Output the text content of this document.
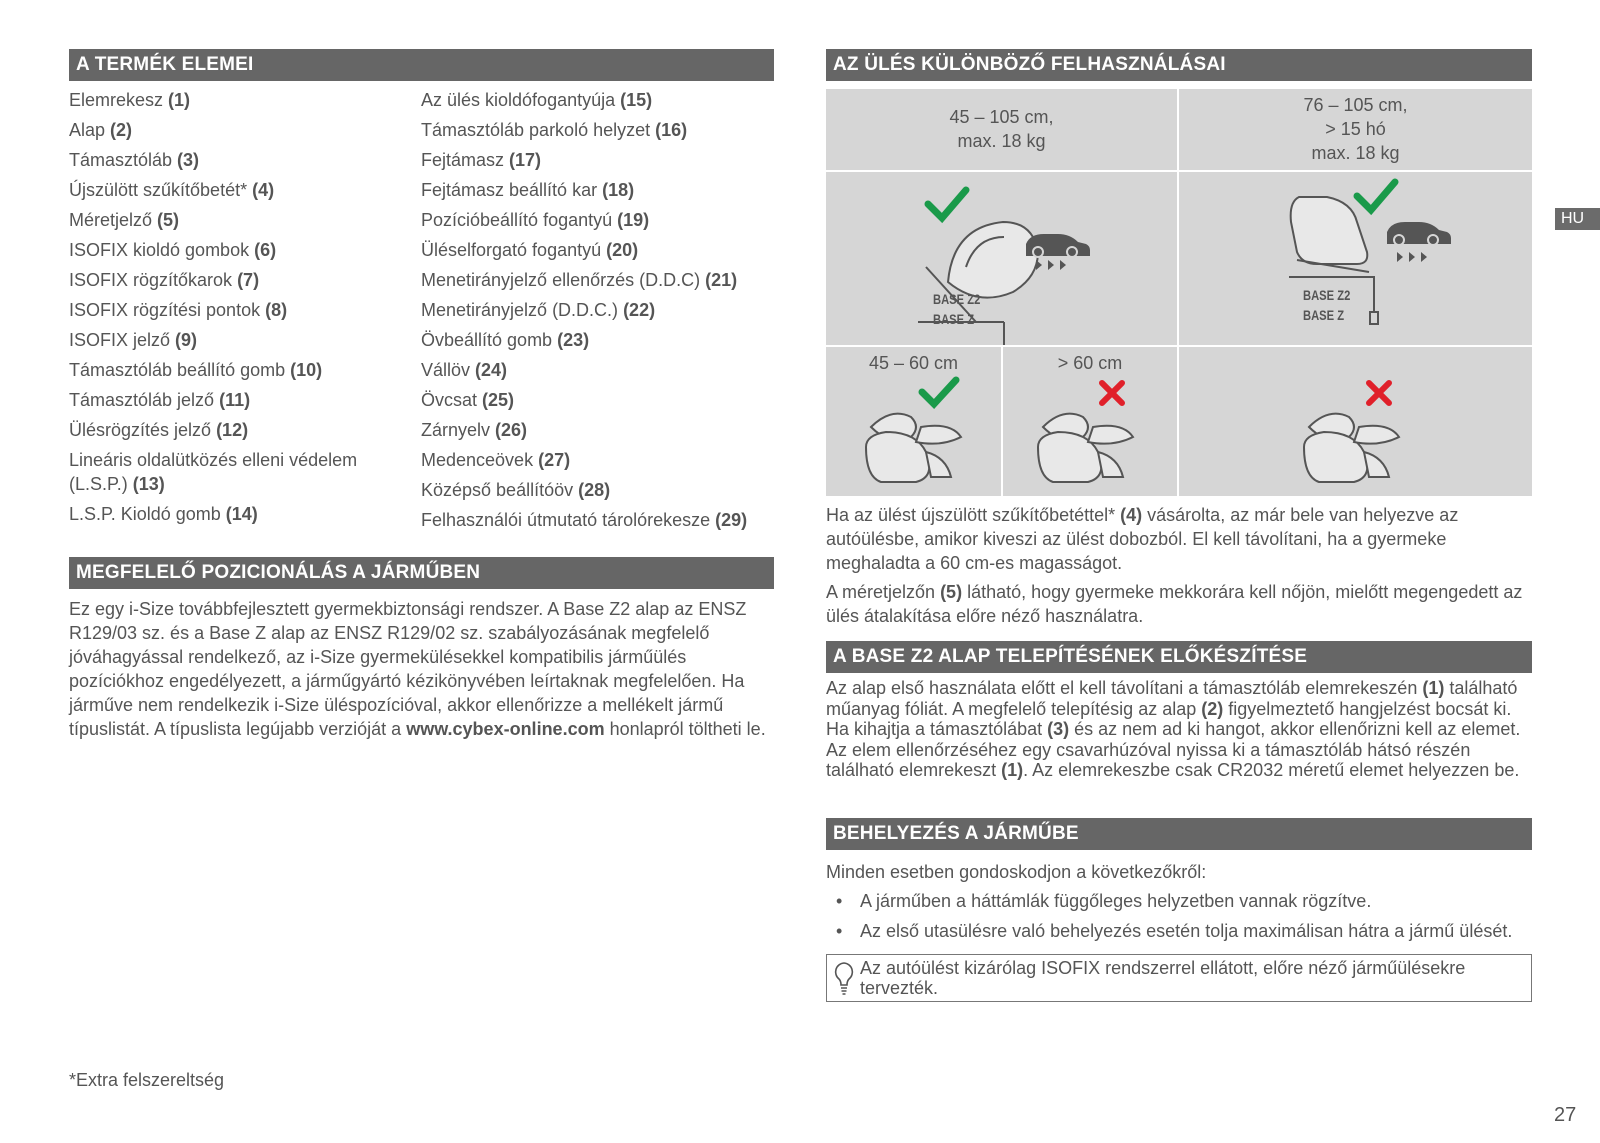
A TERMÉK ELEMEI
Elemrekesz (1)
Alap (2)
Támasztóláb (3)
Újszülött szűkítőbetét* (4)
Méretjelző (5)
ISOFIX kioldó gombok (6)
ISOFIX rögzítőkarok (7)
ISOFIX rögzítési pontok (8)
ISOFIX jelző (9)
Támasztóláb beállító gomb (10)
Támasztóláb jelző (11)
Ülésrögzítés jelző (12)
Lineáris oldalütközés elleni védelem (L.S.P.) (13)
L.S.P. Kioldó gomb (14)
Az ülés kioldófogantyúja (15)
Támasztóláb parkoló helyzet (16)
Fejtámasz (17)
Fejtámasz beállító kar (18)
Pozícióbeállító fogantyú (19)
Üléselforgató fogantyú (20)
Menetirányjelző ellenőrzés (D.D.C) (21)
Menetirányjelző (D.D.C.) (22)
Övbeállító gomb (23)
Vállöv (24)
Övcsat (25)
Zárnyelv (26)
Medenceövek (27)
Középső beállítóöv (28)
Felhasználói útmutató tárolórekesze (29)
MEGFELELŐ POZICIONÁLÁS A JÁRMŰBEN
Ez egy i-Size továbbfejlesztett gyermekbiztonsági rendszer. A Base Z2 alap az ENSZ R129/03 sz. és a Base Z alap az ENSZ R129/02 sz. szabályozásának megfelelő jóváhagyással rendelkező, az i-Size gyermekülésekkel kompatibilis járműülés pozíciókhoz engedélyezett, a járműgyártó kézikönyvében leírtaknak megfelelően. Ha járműve nem rendelkezik i-Size üléspozícióval, akkor ellenőrizze a mellékelt jármű típuslistát. A típuslista legújabb verzióját a www.cybex-online.com honlapról töltheti le.
*Extra felszereltség
AZ ÜLÉS KÜLÖNBÖZŐ FELHASZNÁLÁSAI
45 – 105 cm,
max. 18 kg
76 – 105 cm,
> 15 hó
max. 18 kg
BASE Z2
BASE Z
BASE Z2
BASE Z
45 – 60 cm	> 60 cm
Ha az ülést újszülött szűkítőbetéttel* (4) vásárolta, az már bele van helyezve az autóülésbe, amikor kiveszi az ülést dobozból. El kell távolítani, ha a gyermeke meghaladta a 60 cm-es magasságot.
A méretjelzőn (5) látható, hogy gyermeke mekkorára kell nőjön, mielőtt megengedett az ülés átalakítása előre néző használatra.
A BASE Z2 ALAP TELEPÍTÉSÉNEK ELŐKÉSZÍTÉSE
Az alap első használata előtt el kell távolítani a támasztóláb elemrekeszén (1) található műanyag fóliát. A megfelelő telepítésig az alap (2) figyelmeztető hangjelzést bocsát ki. Ha kihajtja a támasztólábat (3) és az nem ad ki hangot, akkor ellenőrizni kell az elemet. Az elem ellenőrzéséhez egy csavarhúzóval nyissa ki a támasztóláb hátsó részén található elemrekeszt (1). Az elemrekeszbe csak CR2032 méretű elemet helyezzen be.
BEHELYEZÉS A JÁRMŰBE
Minden esetben gondoskodjon a következőkről:
• A járműben a háttámlák függőleges helyzetben vannak rögzítve.
• Az első utasülésre való behelyezés esetén tolja maximálisan hátra a jármű ülését.
Az autóülést kizárólag ISOFIX rendszerrel ellátott, előre néző járműülésekre tervezték.
HU
27
